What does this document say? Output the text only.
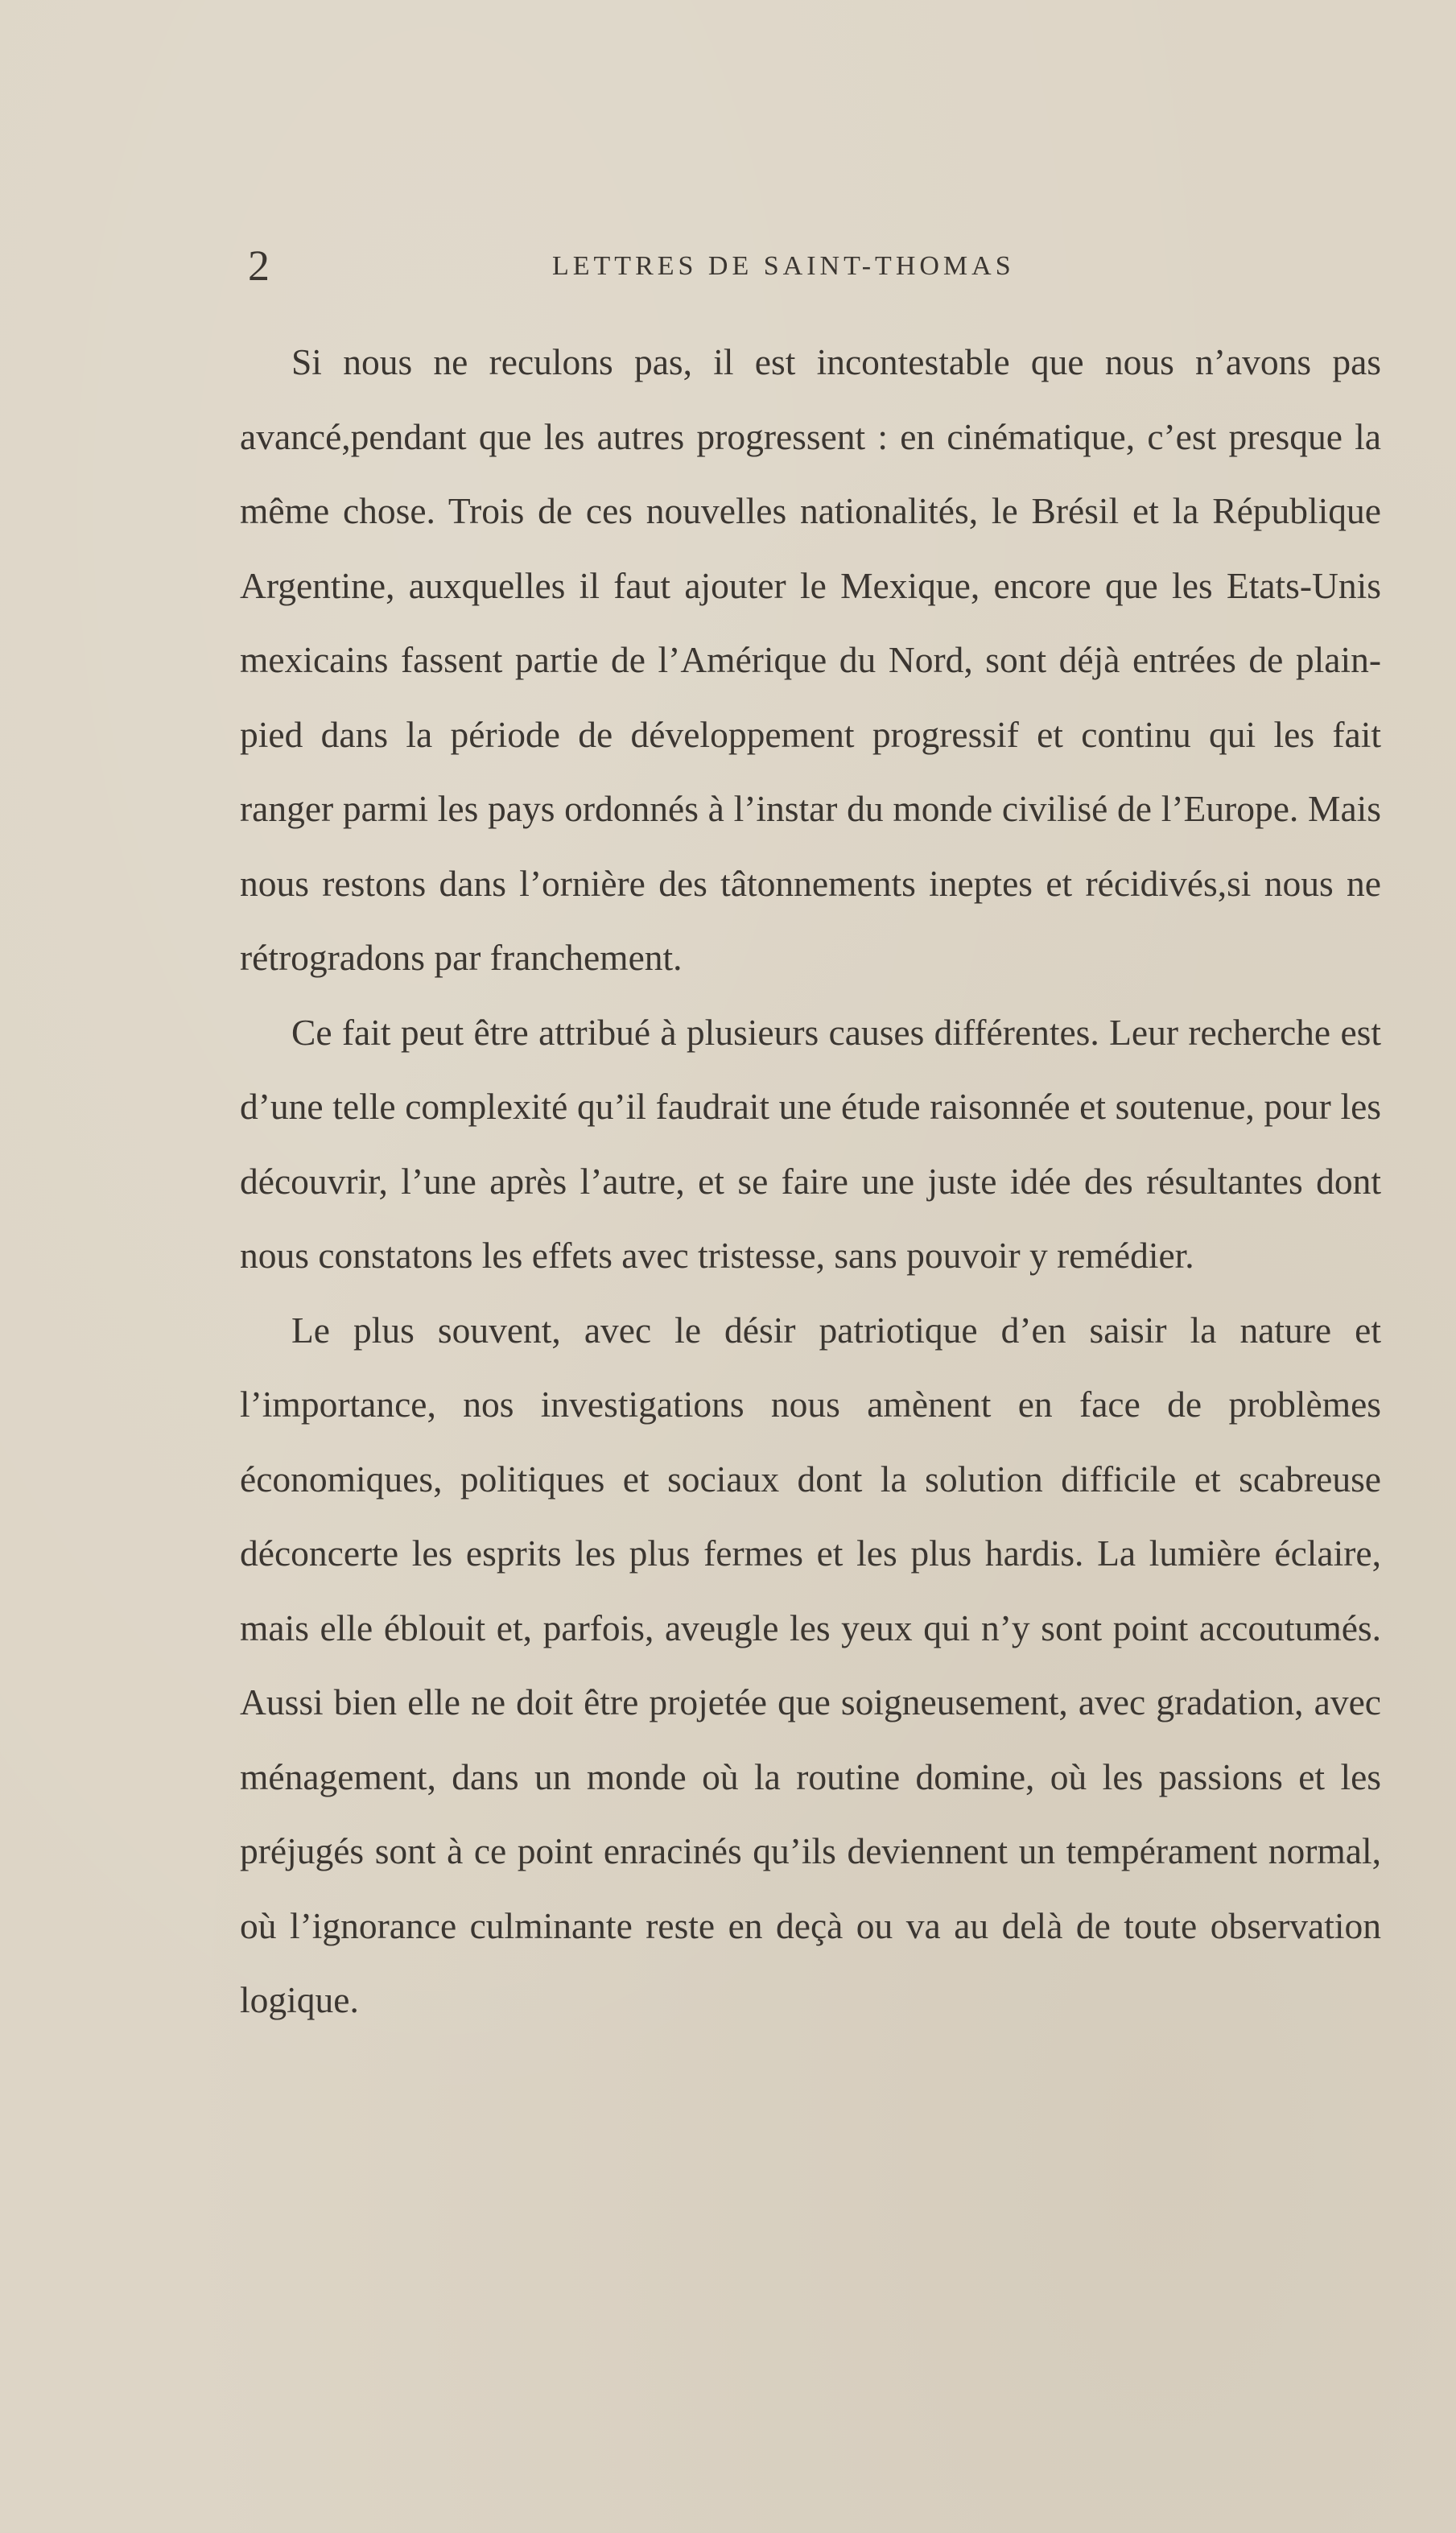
2	LETTRES DE SAINT-THOMAS

Si nous ne reculons pas, il est incontestable que nous n’avons pas avancé,pendant que les autres progressent : en cinématique, c’est presque la même chose. Trois de ces nouvelles nationalités, le Brésil et la République Argentine, auxquelles il faut ajouter le Mexique, encore que les Etats-Unis mexicains fassent partie de l’Amérique du Nord, sont déjà entrées de plain-pied dans la période de développement progressif et continu qui les fait ranger parmi les pays ordonnés à l’instar du monde civilisé de l’Europe. Mais nous restons dans l’ornière des tâtonnements ineptes et récidivés,si nous ne rétrogradons par franchement.

Ce fait peut être attribué à plusieurs causes différentes. Leur recherche est d’une telle complexité qu’il faudrait une étude raisonnée et soutenue, pour les découvrir, l’une après l’autre, et se faire une juste idée des résultantes dont nous constatons les effets avec tristesse, sans pouvoir y remédier.

Le plus souvent, avec le désir patriotique d’en saisir la nature et l’importance, nos investigations nous amènent en face de problèmes économiques, politiques et sociaux dont la solution difficile et scabreuse déconcerte les esprits les plus fermes et les plus hardis. La lumière éclaire, mais elle éblouit et, parfois, aveugle les yeux qui n’y sont point accoutumés. Aussi bien elle ne doit être projetée que soigneusement, avec gradation, avec ménagement, dans un monde où la routine domine, où les passions et les préjugés sont à ce point enracinés qu’ils deviennent un tempérament normal, où l’ignorance culminante reste en deçà ou va au delà de toute observation logique.
